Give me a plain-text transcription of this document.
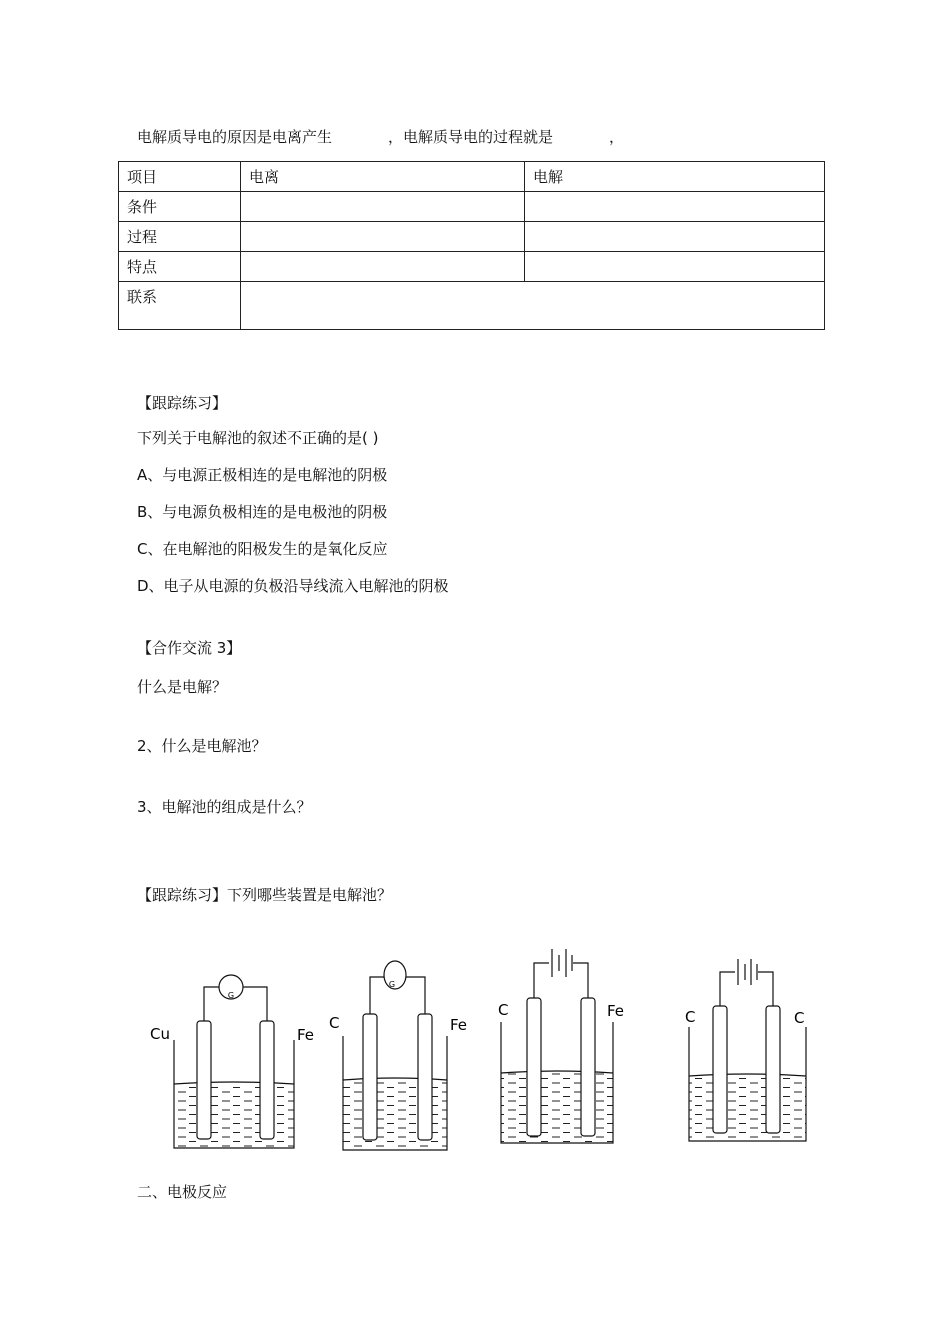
电解质导电的原因是电离产生	，电解质导电的过程就是	，
项目	电离	电解
条件		
过程		
特点		
联系		
【跟踪练习】
下列关于电解池的叙述不正确的是( )
A、与电源正极相连的是电解池的阴极
B、与电源负极相连的是电极池的阴极
C、在电解池的阳极发生的是氧化反应
D、电子从电源的负极沿导线流入电解池的阴极
【合作交流 3】
什么是电解？
2、什么是电解池？
3、电解池的组成是什么？
【跟踪练习】下列哪些装置是电解池？
G
Cu	Fe
G
C	Fe
C	Fe	C	C
二、电极反应
